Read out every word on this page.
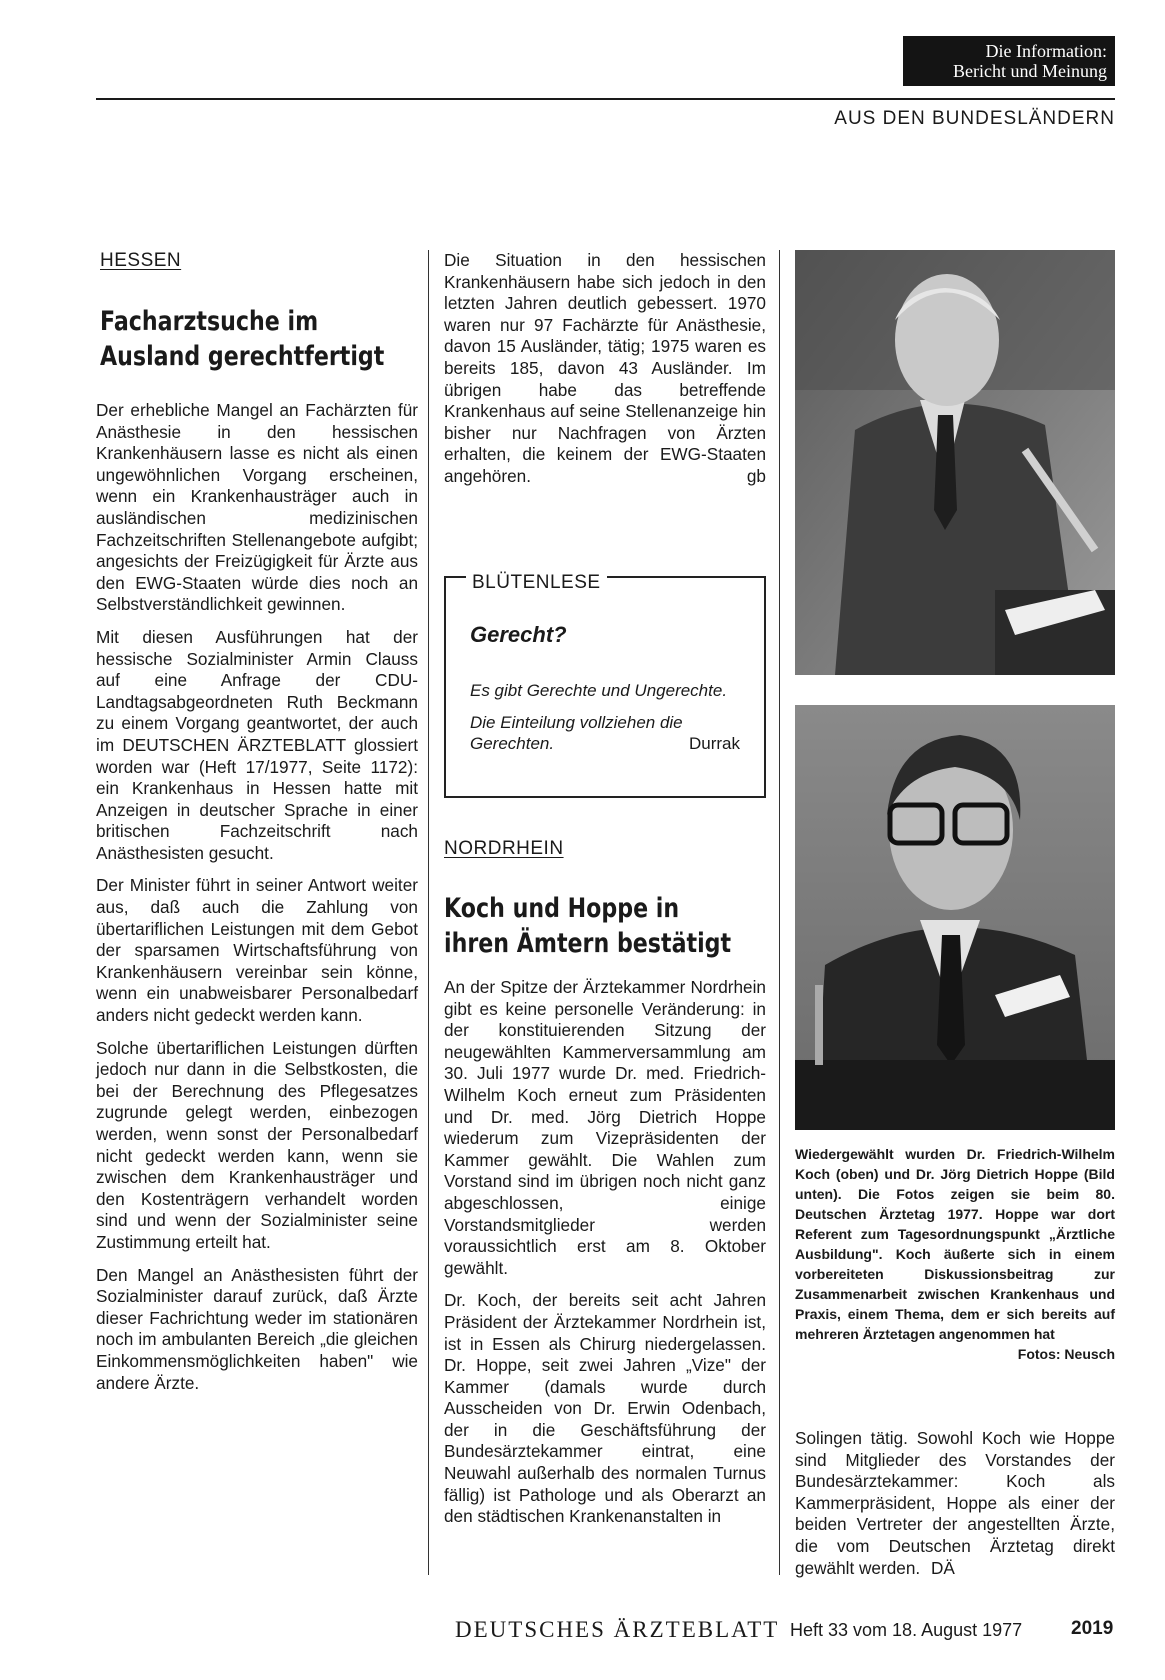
Die Information:
Bericht und Meinung
AUS DEN BUNDESLÄNDERN
HESSEN
Facharztsuche im
Ausland gerechtfertigt

Der erhebliche Mangel an Fachärzten für Anästhesie in den hessischen Krankenhäusern lasse es nicht als einen ungewöhnlichen Vorgang erscheinen, wenn ein Krankenhausträger auch in ausländischen medizinischen Fachzeitschriften Stellenangebote aufgibt; angesichts der Freizügigkeit für Ärzte aus den EWG-Staaten würde dies noch an Selbstverständlichkeit gewinnen.

Mit diesen Ausführungen hat der hessische Sozialminister Armin Clauss auf eine Anfrage der CDU-Landtagsabgeordneten Ruth Beckmann zu einem Vorgang geantwortet, der auch im DEUTSCHEN ÄRZTEBLATT glossiert worden war (Heft 17/1977, Seite 1172): ein Krankenhaus in Hessen hatte mit Anzeigen in deutscher Sprache in einer britischen Fachzeitschrift nach Anästhesisten gesucht.

Der Minister führt in seiner Antwort weiter aus, daß auch die Zahlung von übertariflichen Leistungen mit dem Gebot der sparsamen Wirtschaftsführung von Krankenhäusern vereinbar sein könne, wenn ein unabweisbarer Personalbedarf anders nicht gedeckt werden kann.

Solche übertariflichen Leistungen dürften jedoch nur dann in die Selbstkosten, die bei der Berechnung des Pflegesatzes zugrunde gelegt werden, einbezogen werden, wenn sonst der Personalbedarf nicht gedeckt werden kann, wenn sie zwischen dem Krankenhausträger und den Kostenträgern verhandelt worden sind und wenn der Sozialminister seine Zustimmung erteilt hat.

Den Mangel an Anästhesisten führt der Sozialminister darauf zurück, daß Ärzte dieser Fachrichtung weder im stationären noch im ambulanten Bereich „die gleichen Einkommensmöglichkeiten haben" wie andere Ärzte.

Die Situation in den hessischen Krankenhäusern habe sich jedoch in den letzten Jahren deutlich gebessert. 1970 waren nur 97 Fachärzte für Anästhesie, davon 15 Ausländer, tätig; 1975 waren es bereits 185, davon 43 Ausländer. Im übrigen habe das betreffende Krankenhaus auf seine Stellenanzeige hin bisher nur Nachfragen von Ärzten erhalten, die keinem der EWG-Staaten angehören.	gb

BLÜTENLESE
Gerecht?

Es gibt Gerechte und Ungerechte.

Die Einteilung vollziehen die Gerechten.	Durrak

NORDRHEIN
Koch und Hoppe in
ihren Ämtern bestätigt

An der Spitze der Ärztekammer Nordrhein gibt es keine personelle Veränderung: in der konstituierenden Sitzung der neugewählten Kammerversammlung am 30. Juli 1977 wurde Dr. med. Friedrich-Wilhelm Koch erneut zum Präsidenten und Dr. med. Jörg Dietrich Hoppe wiederum zum Vizepräsidenten der Kammer gewählt. Die Wahlen zum Vorstand sind im übrigen noch nicht ganz abgeschlossen, einige Vorstandsmitglieder werden voraussichtlich erst am 8. Oktober gewählt.

Dr. Koch, der bereits seit acht Jahren Präsident der Ärztekammer Nordrhein ist, ist in Essen als Chirurg niedergelassen. Dr. Hoppe, seit zwei Jahren „Vize" der Kammer (damals wurde durch Ausscheiden von Dr. Erwin Odenbach, der in die Geschäftsführung der Bundesärztekammer eintrat, eine Neuwahl außerhalb des normalen Turnus fällig) ist Pathologe und als Oberarzt an den städtischen Krankenanstalten in

Wiedergewählt wurden Dr. Friedrich-Wilhelm Koch (oben) und Dr. Jörg Dietrich Hoppe (Bild unten). Die Fotos zeigen sie beim 80. Deutschen Ärztetag 1977. Hoppe war dort Referent zum Tagesordnungspunkt „Ärztliche Ausbildung". Koch äußerte sich in einem vorbereiteten Diskussionsbeitrag zur Zusammenarbeit zwischen Krankenhaus und Praxis, einem Thema, dem er sich bereits auf mehreren Ärztetagen angenommen hat
Fotos: Neusch

Solingen tätig. Sowohl Koch wie Hoppe sind Mitglieder des Vorstandes der Bundesärztekammer: Koch als Kammerpräsident, Hoppe als einer der beiden Vertreter der angestellten Ärzte, die vom Deutschen Ärztetag direkt gewählt werden. DÄ

DEUTSCHES ÄRZTEBLATT Heft 33 vom 18. August 1977	2019
